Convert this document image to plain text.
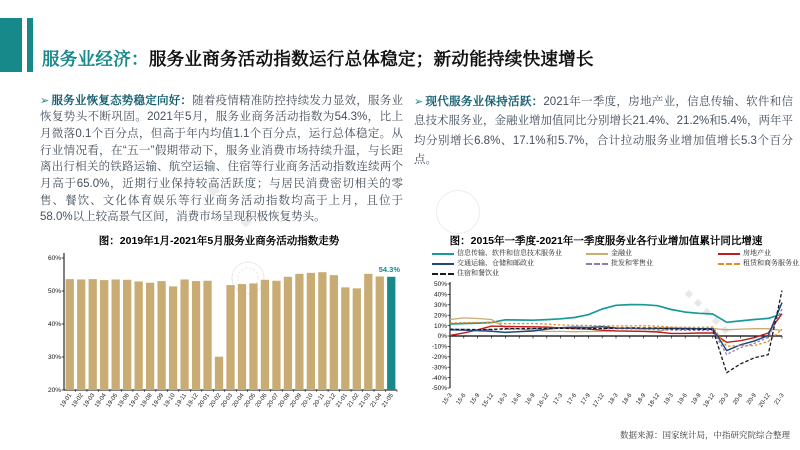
服务业经济：服务业商务活动指数运行总体稳定；新动能持续快速增长

➢ 服务业恢复态势稳定向好：随着疫情精准防控持续发力显效，服务业恢复势头不断巩固。2021年5月，服务业商务活动指数为54.3%，比上月微落0.1个百分点，但高于年内均值1.1个百分点，运行总体稳定。从行业情况看，在“五一”假期带动下，服务业消费市场持续升温，与长距离出行相关的铁路运输、航空运输、住宿等行业商务活动指数连续两个月高于65.0%，近期行业保持较高活跃度；与居民消费密切相关的零售、餐饮、文化体育娱乐等行业商务活动指数均高于上月，且位于58.0%以上较高景气区间，消费市场呈现积极恢复势头。

➢ 现代服务业保持活跃：2021年一季度，房地产业，信息传输、软件和信息技术服务业，金融业增加值同比分别增长21.4%、21.2%和5.4%，两年平均分别增长6.8%、17.1%和5.7%，合计拉动服务业增加值增长5.3个百分点。

图：2019年1月-2021年5月服务业商务活动指数走势
60%
50%
40%
30%
20%
19-01
19-02
19-03
19-04
19-05
19-06
19-07
19-08
19-09
19-10
19-11
19-12
20-01
20-02
20-03
20-04
20-05
20-06
20-07
20-08
20-09
20-10
20-11
20-12
21-01
21-02
21-03
21-04
21-05
54.3%
图：2015年一季度-2021年一季度服务业各行业增加值累计同比增速
信息传输、软件和信息技术服务业	金融业	房地产业
交通运输、仓储和邮政业	批发和零售业	租赁和商务服务业
住宿和餐饮业
50%
40%
30%
20%
10%
0%
-10%
-20%
-30%
-40%
-50%
15-3 15-6 15-9 15-12 16-3 16-6 16-9 16-12 17-3 17-6 17-9 17-12 18-3 18-6 18-9 18-12 19-3 19-6 19-9 19-12 20-3 20-6 20-9 20-12 21-3
数据来源：国家统计局，中指研究院综合整理
